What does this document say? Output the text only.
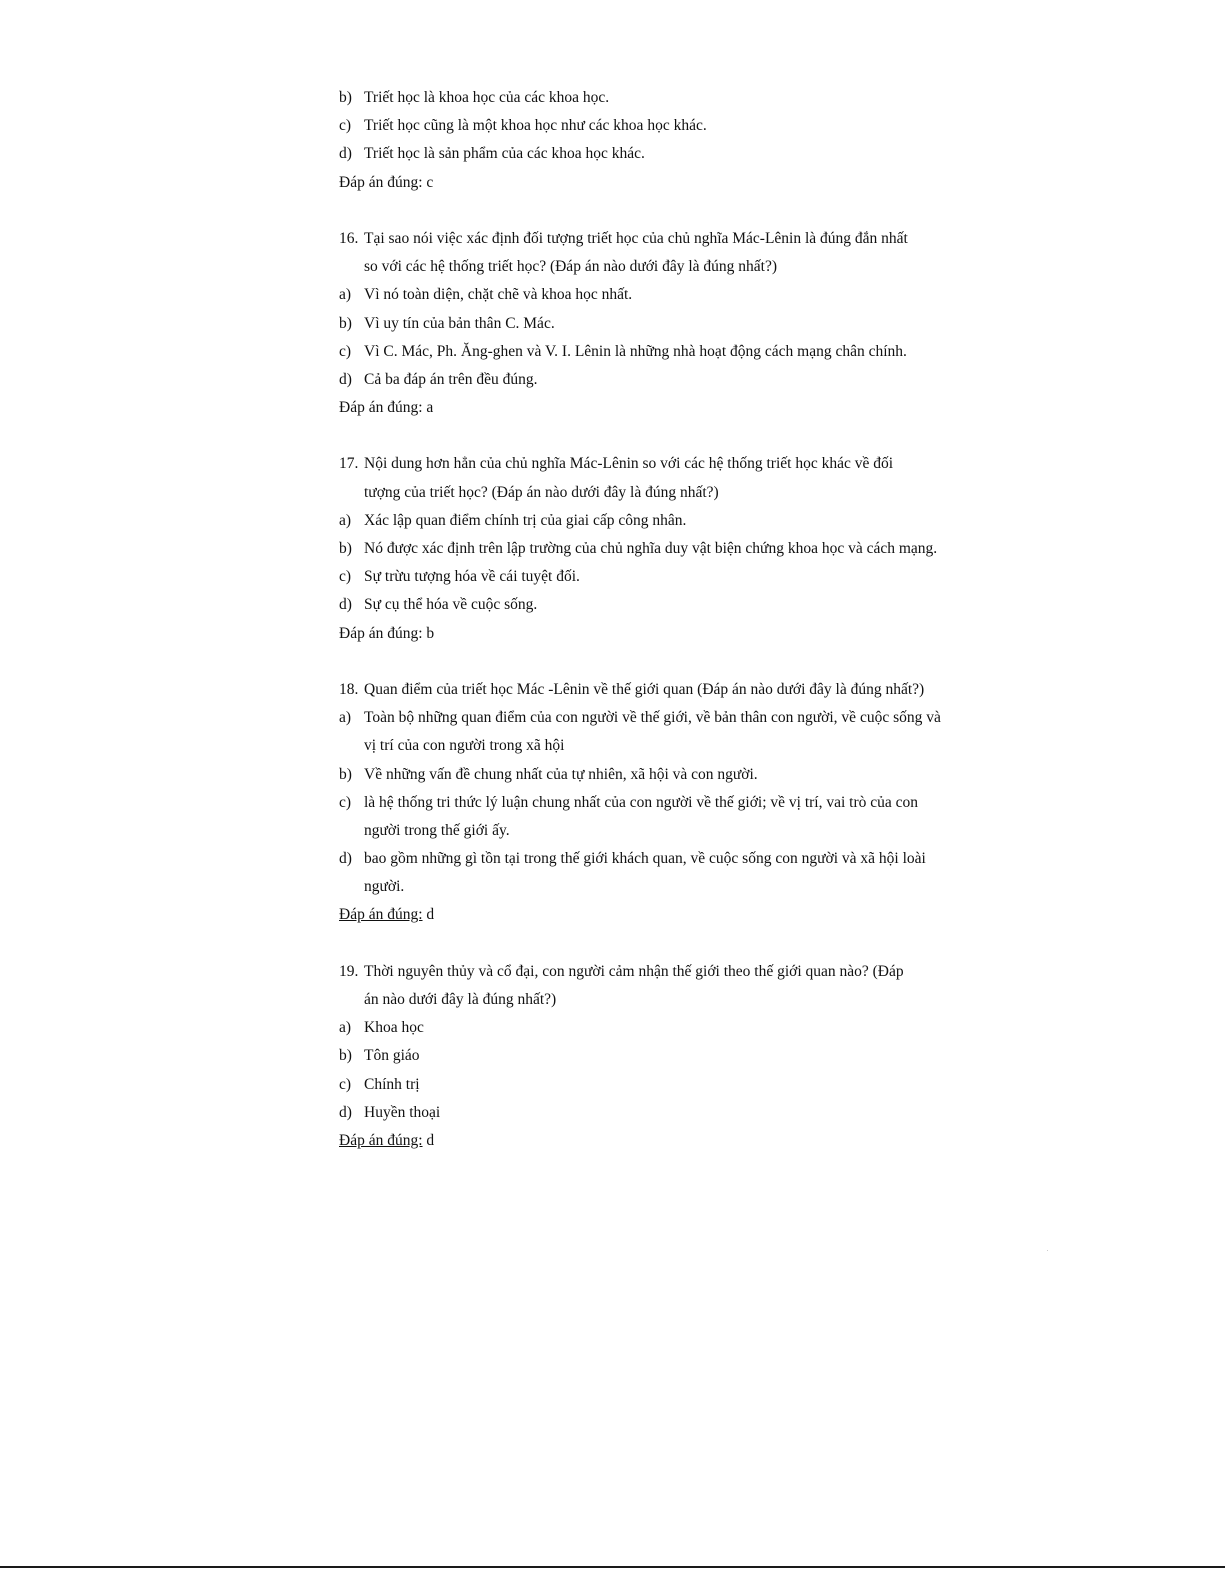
b) Triết học là khoa học của các khoa học.
c) Triết học cũng là một khoa học như các khoa học khác.
d) Triết học là sản phẩm của các khoa học khác.
Đáp án đúng: c
16. Tại sao nói việc xác định đối tượng triết học của chủ nghĩa Mác-Lênin là đúng đắn nhất
so với các hệ thống triết học? (Đáp án nào dưới đây là đúng nhất?)
a) Vì nó toàn diện, chặt chẽ và khoa học nhất.
b) Vì uy tín của bản thân C. Mác.
c) Vì C. Mác, Ph. Ăng-ghen và V. I. Lênin là những nhà hoạt động cách mạng chân chính.
d) Cả ba đáp án trên đều đúng.
Đáp án đúng: a
17. Nội dung hơn hẳn của chủ nghĩa Mác-Lênin so với các hệ thống triết học khác về đối
tượng của triết học? (Đáp án nào dưới đây là đúng nhất?)
a) Xác lập quan điểm chính trị của giai cấp công nhân.
b) Nó được xác định trên lập trường của chủ nghĩa duy vật biện chứng khoa học và cách mạng.
c) Sự trừu tượng hóa về cái tuyệt đối.
d) Sự cụ thể hóa về cuộc sống.
Đáp án đúng: b
18. Quan điểm của triết học Mác -Lênin về thế giới quan (Đáp án nào dưới đây là đúng nhất?)
a) Toàn bộ những quan điểm của con người về thế giới, về bản thân con người, về cuộc sống và
vị trí của con người trong xã hội
b) Về những vấn đề chung nhất của tự nhiên, xã hội và con người.
c) là hệ thống tri thức lý luận chung nhất của con người về thế giới; về vị trí, vai trò của con
người trong thế giới ấy.
d) bao gồm những gì tồn tại trong thế giới khách quan, về cuộc sống con người và xã hội loài
người.
Đáp án đúng: d
19. Thời nguyên thủy và cổ đại, con người cảm nhận thế giới theo thế giới quan nào? (Đáp
án nào dưới đây là đúng nhất?)
a) Khoa học
b) Tôn giáo
c) Chính trị
d) Huyền thoại
Đáp án đúng: d
